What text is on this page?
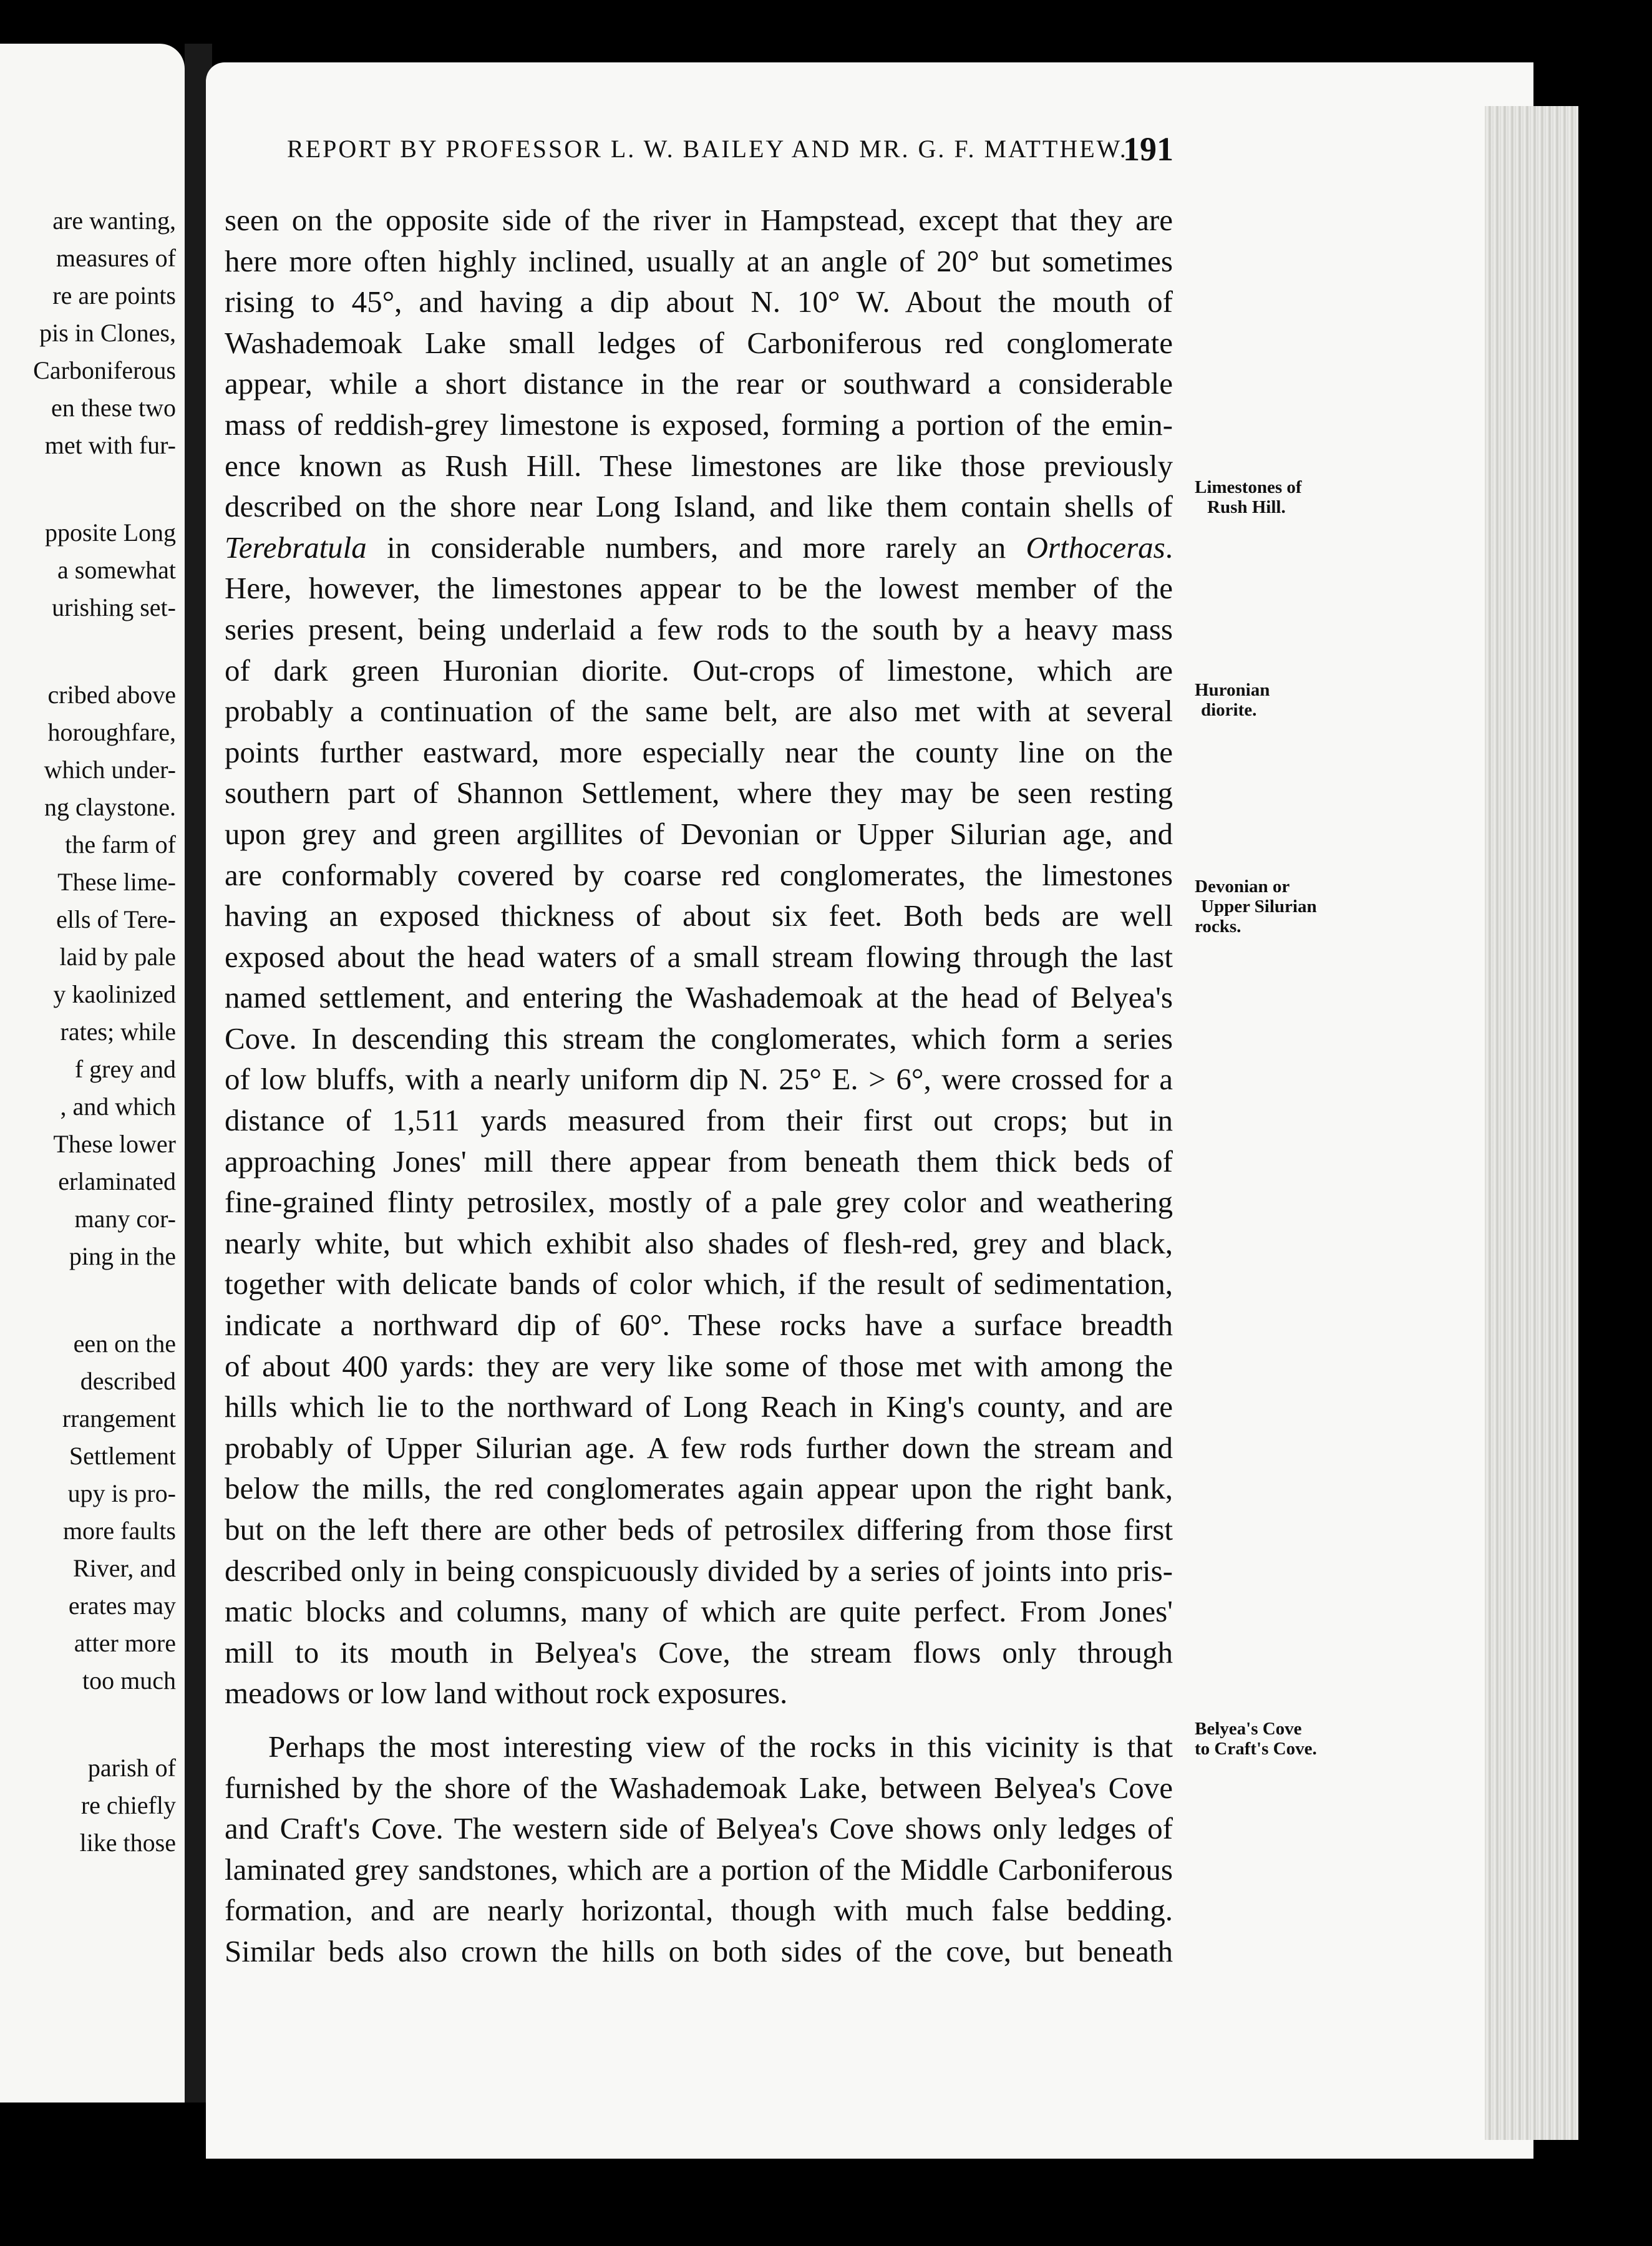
are wanting,
measures of
re are points
pis in Clones,
Carboniferous
en these two
met with fur-
pposite Long
a somewhat
urishing set-
cribed above
horoughfare,
which under-
ng claystone.
the farm of
These lime-
ells of Tere-
laid by pale
y kaolinized
rates; while
f grey and
, and which
These lower
erlaminated
many cor-
ping in the
een on the
described
rrangement
Settlement
upy is pro-
more faults
River, and
erates may
atter more
too much
parish of
re chiefly
like those
REPORT BY PROFESSOR L. W. BAILEY AND MR. G. F. MATTHEW.
191
seen on the opposite side of the river in Hampstead, except that they are
here more often highly inclined, usually at an angle of 20° but sometimes
rising to 45°, and having a dip about N. 10° W. About the mouth of
Washademoak Lake small ledges of Carboniferous red conglomerate
appear, while a short distance in the rear or southward a considerable
mass of reddish-grey limestone is exposed, forming a portion of the emin-
ence known as Rush Hill. These limestones are like those previously
described on the shore near Long Island, and like them contain shells of
Terebratula in considerable numbers, and more rarely an Orthoceras.
Here, however, the limestones appear to be the lowest member of the
series present, being underlaid a few rods to the south by a heavy mass
of dark green Huronian diorite. Out-crops of limestone, which are
probably a continuation of the same belt, are also met with at several
points further eastward, more especially near the county line on the
southern part of Shannon Settlement, where they may be seen resting
upon grey and green argillites of Devonian or Upper Silurian age, and
are conformably covered by coarse red conglomerates, the limestones
having an exposed thickness of about six feet. Both beds are well
exposed about the head waters of a small stream flowing through the last
named settlement, and entering the Washademoak at the head of Belyea's
Cove. In descending this stream the conglomerates, which form a series
of low bluffs, with a nearly uniform dip N. 25° E. > 6°, were crossed for a
distance of 1,511 yards measured from their first out crops; but in
approaching Jones' mill there appear from beneath them thick beds of
fine-grained flinty petrosilex, mostly of a pale grey color and weathering
nearly white, but which exhibit also shades of flesh-red, grey and black,
together with delicate bands of color which, if the result of sedimentation,
indicate a northward dip of 60°. These rocks have a surface breadth
of about 400 yards: they are very like some of those met with among the
hills which lie to the northward of Long Reach in King's county, and are
probably of Upper Silurian age. A few rods further down the stream and
below the mills, the red conglomerates again appear upon the right bank,
but on the left there are other beds of petrosilex differing from those first
described only in being conspicuously divided by a series of joints into pris-
matic blocks and columns, many of which are quite perfect. From Jones'
mill to its mouth in Belyea's Cove, the stream flows only through
meadows or low land without rock exposures.
Perhaps the most interesting view of the rocks in this vicinity is that
furnished by the shore of the Washademoak Lake, between Belyea's Cove
and Craft's Cove. The western side of Belyea's Cove shows only ledges of
laminated grey sandstones, which are a portion of the Middle Carboniferous
formation, and are nearly horizontal, though with much false bedding.
Similar beds also crown the hills on both sides of the cove, but beneath
Limestones of
Rush Hill.
Huronian
diorite.
Devonian or
Upper Silurian
rocks.
Belyea's Cove
to Craft's Cove.
